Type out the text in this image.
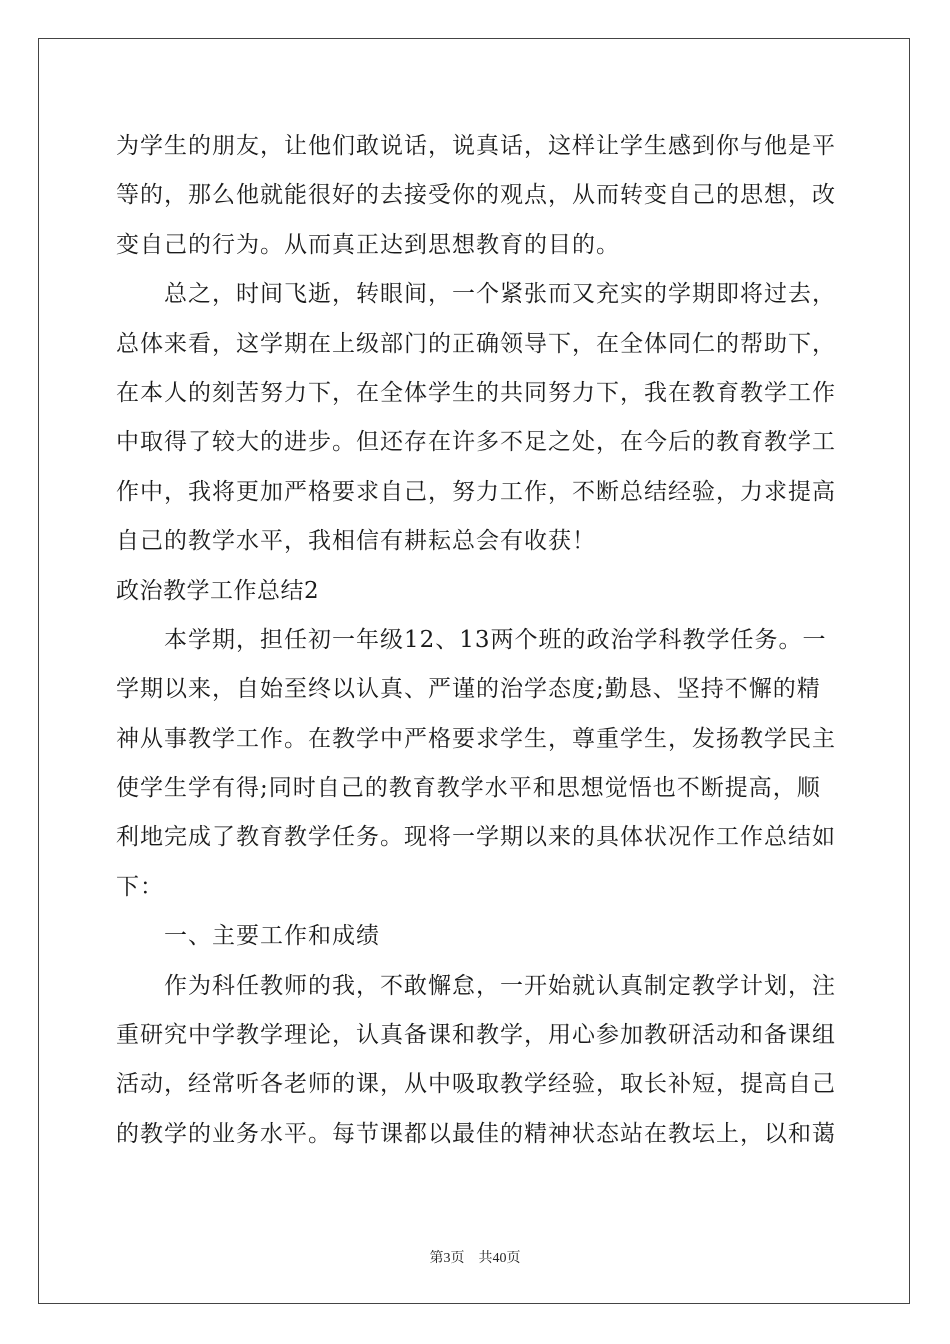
为学生的朋友，让他们敢说话，说真话，这样让学生感到你与他是平
等的，那么他就能很好的去接受你的观点，从而转变自己的思想，改
变自己的行为。从而真正达到思想教育的目的。
总之，时间飞逝，转眼间，一个紧张而又充实的学期即将过去，
总体来看，这学期在上级部门的正确领导下，在全体同仁的帮助下，
在本人的刻苦努力下，在全体学生的共同努力下，我在教育教学工作
中取得了较大的进步。但还存在许多不足之处，在今后的教育教学工
作中，我将更加严格要求自己，努力工作，不断总结经验，力求提高
自己的教学水平，我相信有耕耘总会有收获！
政治教学工作总结2
本学期，担任初一年级12、13两个班的政治学科教学任务。一
学期以来，自始至终以认真、严谨的治学态度;勤恳、坚持不懈的精
神从事教学工作。在教学中严格要求学生，尊重学生，发扬教学民主
使学生学有得;同时自己的教育教学水平和思想觉悟也不断提高，顺
利地完成了教育教学任务。现将一学期以来的具体状况作工作总结如
下：
一、主要工作和成绩
作为科任教师的我，不敢懈怠，一开始就认真制定教学计划，注
重研究中学教学理论，认真备课和教学，用心参加教研活动和备课组
活动，经常听各老师的课，从中吸取教学经验，取长补短，提高自己
的教学的业务水平。每节课都以最佳的精神状态站在教坛上，以和蔼
第3页 共40页
